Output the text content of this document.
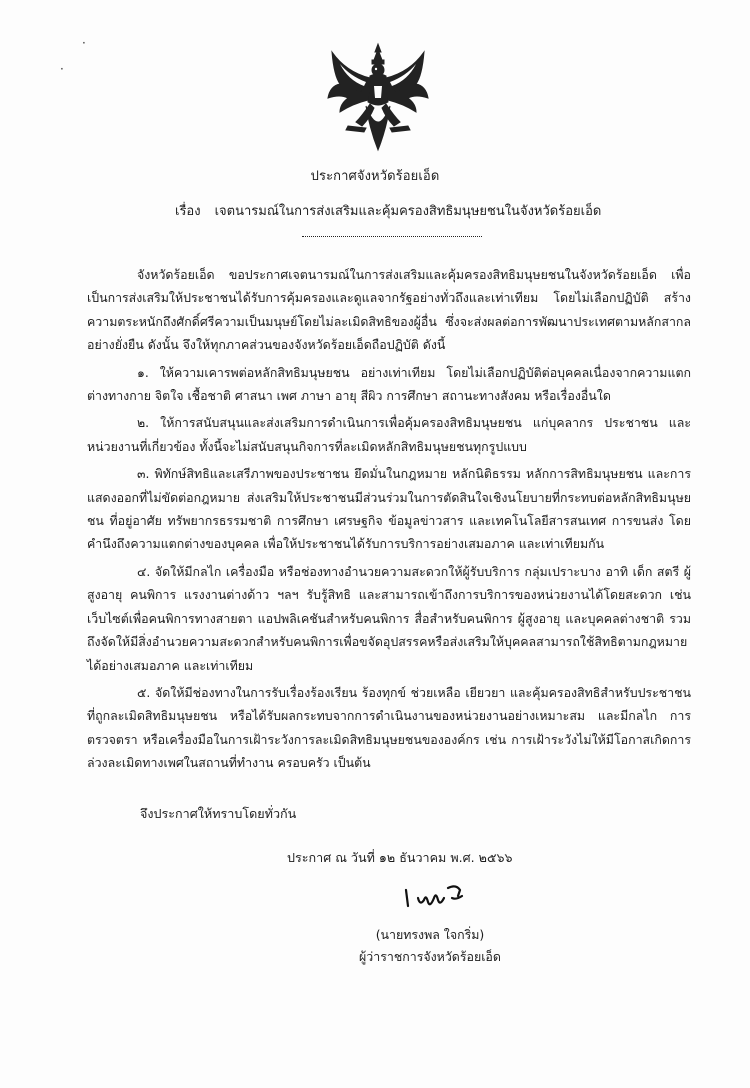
·
·
ประกาศจังหวัดร้อยเอ็ด
เรื่อง เจตนารมณ์ในการส่งเสริมและคุ้มครองสิทธิมนุษยชนในจังหวัดร้อยเอ็ด

จังหวัดร้อยเอ็ด ขอประกาศเจตนารมณ์ในการส่งเสริมและคุ้มครองสิทธิมนุษยชนในจังหวัดร้อยเอ็ด เพื่อเป็นการส่งเสริมให้ประชาชนได้รับการคุ้มครองและดูแลจากรัฐอย่างทั่วถึงและเท่าเทียม โดยไม่เลือกปฏิบัติ สร้างความตระหนักถึงศักดิ์ศรีความเป็นมนุษย์โดยไม่ละเมิดสิทธิของผู้อื่น ซึ่งจะส่งผลต่อการพัฒนาประเทศตามหลักสากลอย่างยั่งยืน ดังนั้น จึงให้ทุกภาคส่วนของจังหวัดร้อยเอ็ดถือปฏิบัติ ดังนี้

๑. ให้ความเคารพต่อหลักสิทธิมนุษยชน อย่างเท่าเทียม โดยไม่เลือกปฏิบัติต่อบุคคลเนื่องจากความแตกต่างทางกาย จิตใจ เชื้อชาติ ศาสนา เพศ ภาษา อายุ สีผิว การศึกษา สถานะทางสังคม หรือเรื่องอื่นใด

๒. ให้การสนับสนุนและส่งเสริมการดำเนินการเพื่อคุ้มครองสิทธิมนุษยชน แก่บุคลากร ประชาชน และหน่วยงานที่เกี่ยวข้อง ทั้งนี้จะไม่สนับสนุนกิจการที่ละเมิดหลักสิทธิมนุษยชนทุกรูปแบบ

๓. พิทักษ์สิทธิและเสรีภาพของประชาชน ยึดมั่นในกฎหมาย หลักนิติธรรม หลักการสิทธิมนุษยชน และการแสดงออกที่ไม่ขัดต่อกฎหมาย ส่งเสริมให้ประชาชนมีส่วนร่วมในการตัดสินใจเชิงนโยบายที่กระทบต่อหลักสิทธิมนุษยชน ที่อยู่อาศัย ทรัพยากรธรรมชาติ การศึกษา เศรษฐกิจ ข้อมูลข่าวสาร และเทคโนโลยีสารสนเทศ การขนส่ง โดยคำนึงถึงความแตกต่างของบุคคล เพื่อให้ประชาชนได้รับการบริการอย่างเสมอภาค และเท่าเทียมกัน

๔. จัดให้มีกลไก เครื่องมือ หรือช่องทางอำนวยความสะดวกให้ผู้รับบริการ กลุ่มเปราะบาง อาทิ เด็ก สตรี ผู้สูงอายุ คนพิการ แรงงานต่างด้าว ฯลฯ รับรู้สิทธิ และสามารถเข้าถึงการบริการของหน่วยงานได้โดยสะดวก เช่น เว็บไซต์เพื่อคนพิการทางสายตา แอปพลิเคชันสำหรับคนพิการ สื่อสำหรับคนพิการ ผู้สูงอายุ และบุคคลต่างชาติ รวมถึงจัดให้มีสิ่งอำนวยความสะดวกสำหรับคนพิการเพื่อขจัดอุปสรรคหรือส่งเสริมให้บุคคลสามารถใช้สิทธิตามกฎหมายได้อย่างเสมอภาค และเท่าเทียม

๕. จัดให้มีช่องทางในการรับเรื่องร้องเรียน ร้องทุกข์ ช่วยเหลือ เยียวยา และคุ้มครองสิทธิสำหรับประชาชนที่ถูกละเมิดสิทธิมนุษยชน หรือได้รับผลกระทบจากการดำเนินงานของหน่วยงานอย่างเหมาะสม และมีกลไก การตรวจตรา หรือเครื่องมือในการเฝ้าระวังการละเมิดสิทธิมนุษยชนขององค์กร เช่น การเฝ้าระวังไม่ให้มีโอกาสเกิดการล่วงละเมิดทางเพศในสถานที่ทำงาน ครอบครัว เป็นต้น

จึงประกาศให้ทราบโดยทั่วกัน
ประกาศ ณ วันที่ ๑๒ ธันวาคม พ.ศ. ๒๕๖๖
(นายทรงพล ใจกริ่ม)
ผู้ว่าราชการจังหวัดร้อยเอ็ด
